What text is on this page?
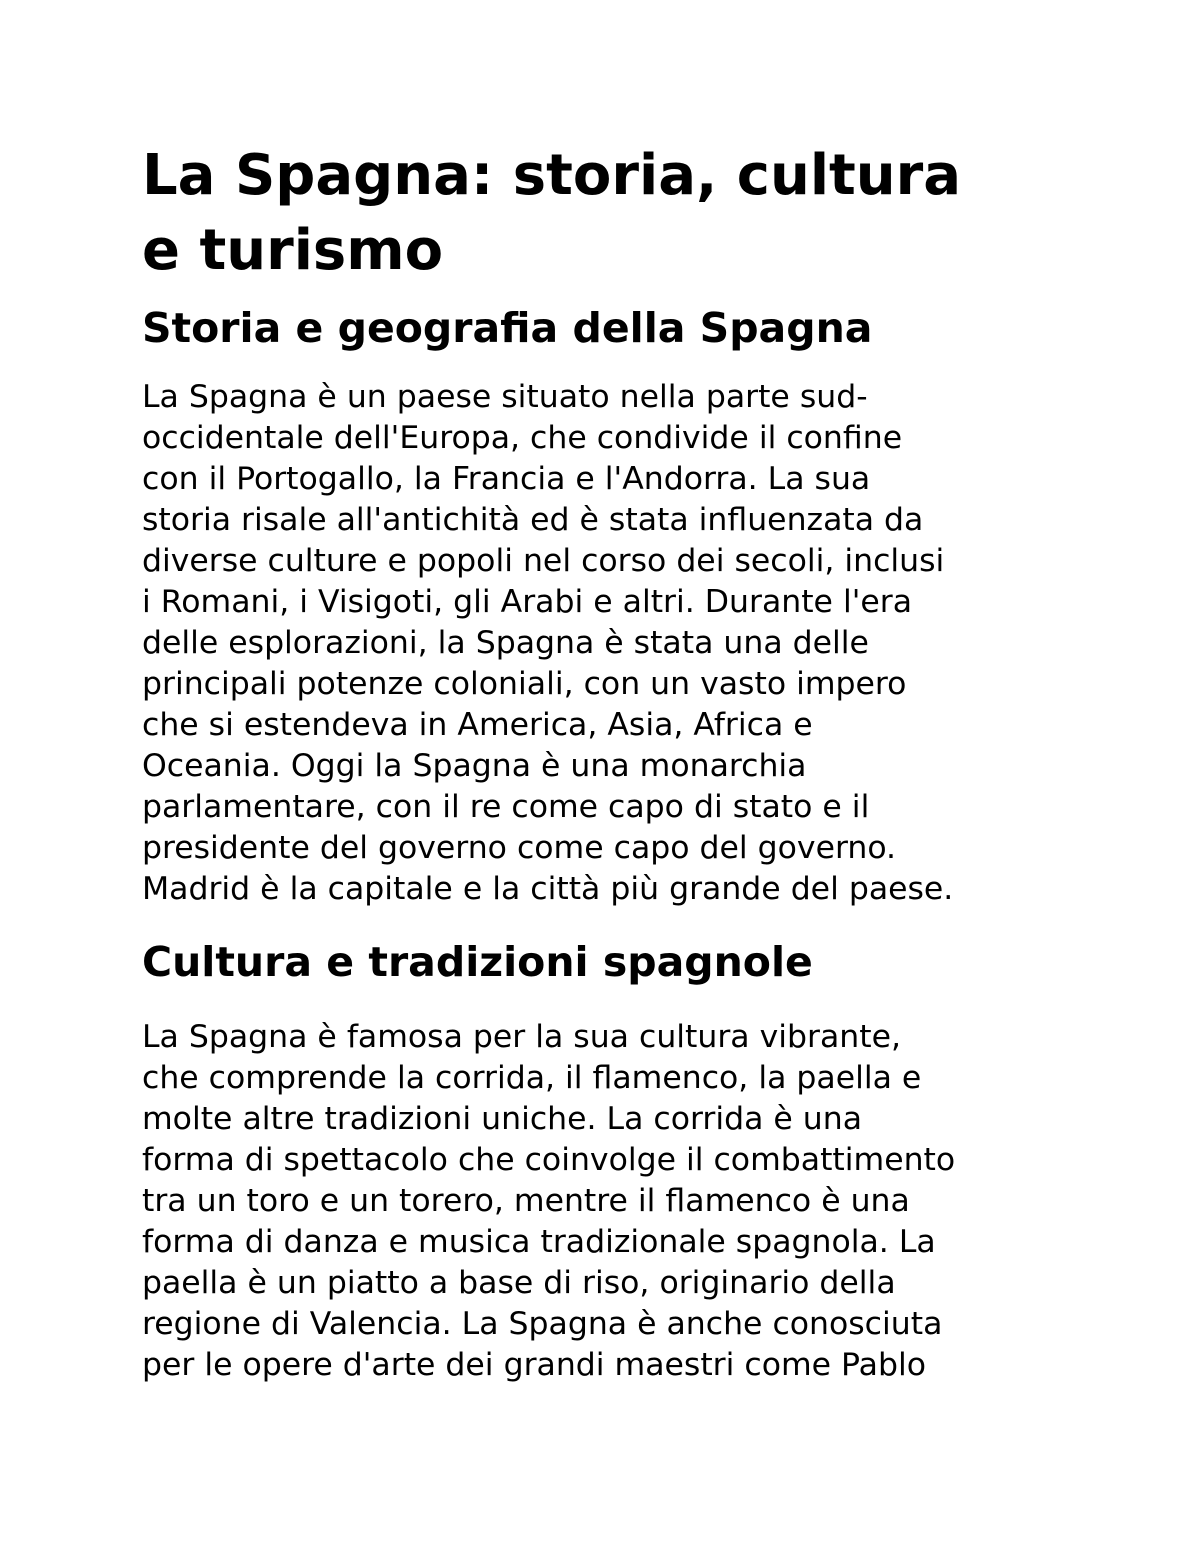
La Spagna: storia, cultura
e turismo
Storia e geografia della Spagna

La Spagna è un paese situato nella parte sud-
occidentale dell'Europa, che condivide il confine
con il Portogallo, la Francia e l'Andorra. La sua
storia risale all'antichità ed è stata influenzata da
diverse culture e popoli nel corso dei secoli, inclusi
i Romani, i Visigoti, gli Arabi e altri. Durante l'era
delle esplorazioni, la Spagna è stata una delle
principali potenze coloniali, con un vasto impero
che si estendeva in America, Asia, Africa e
Oceania. Oggi la Spagna è una monarchia
parlamentare, con il re come capo di stato e il
presidente del governo come capo del governo.
Madrid è la capitale e la città più grande del paese.

Cultura e tradizioni spagnole

La Spagna è famosa per la sua cultura vibrante,
che comprende la corrida, il flamenco, la paella e
molte altre tradizioni uniche. La corrida è una
forma di spettacolo che coinvolge il combattimento
tra un toro e un torero, mentre il flamenco è una
forma di danza e musica tradizionale spagnola. La
paella è un piatto a base di riso, originario della
regione di Valencia. La Spagna è anche conosciuta
per le opere d'arte dei grandi maestri come Pablo
